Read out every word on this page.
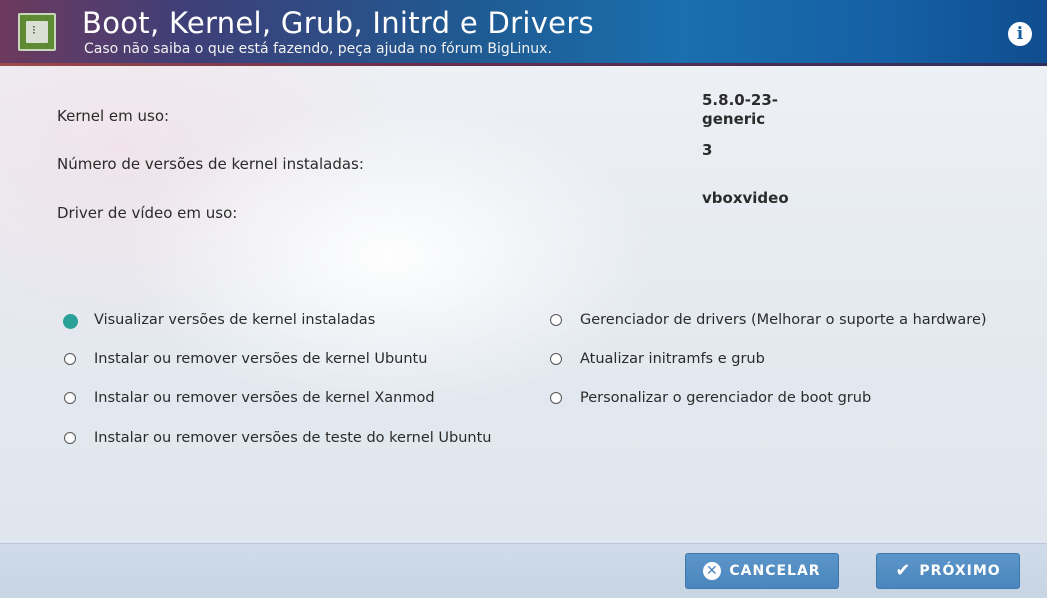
⁝ Boot, Kernel, Grub, Initrd e Drivers
Caso não saiba o que está fazendo, peça ajuda no fórum BigLinux.
i
Kernel em uso:
5.8.0-23-generic
Número de versões de kernel instaladas:
3
Driver de vídeo em uso:
vboxvideo
Visualizar versões de kernel instaladas
Instalar ou remover versões de kernel Ubuntu
Instalar ou remover versões de kernel Xanmod
Instalar ou remover versões de teste do kernel Ubuntu
Gerenciador de drivers (Melhorar o suporte a hardware)
Atualizar initramfs e grub
Personalizar o gerenciador de boot grub
✕ CANCELAR	✔ PRÓXIMO
